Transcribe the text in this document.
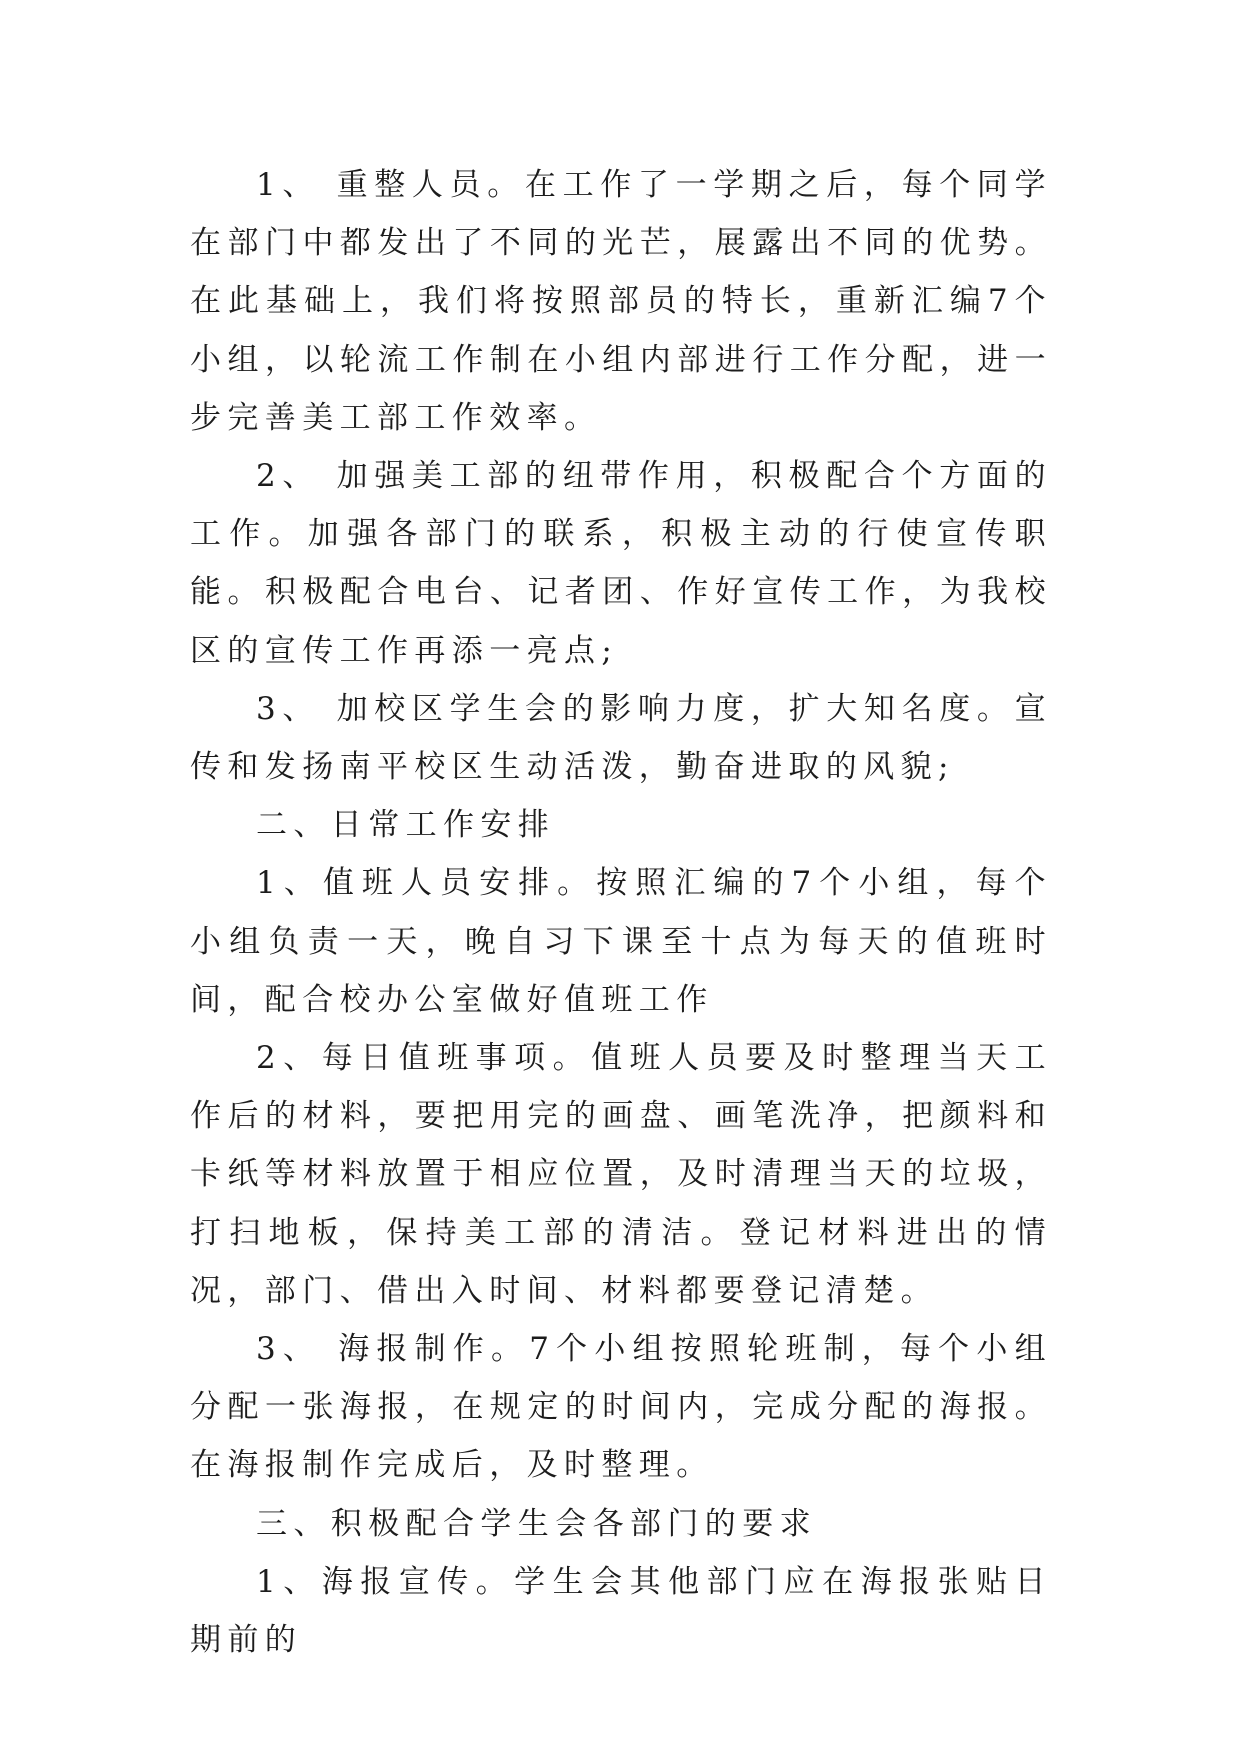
1、 重整人员。在工作了一学期之后，每个同学在部门中都发出了不同的光芒，展露出不同的优势。在此基础上，我们将按照部员的特长，重新汇编7个小组，以轮流工作制在小组内部进行工作分配，进一步完善美工部工作效率。

2、 加强美工部的纽带作用，积极配合个方面的工作。加强各部门的联系，积极主动的行使宣传职能。积极配合电台、记者团、作好宣传工作，为我校区的宣传工作再添一亮点;

3、 加校区学生会的影响力度，扩大知名度。宣传和发扬南平校区生动活泼，勤奋进取的风貌;

二、日常工作安排

1、值班人员安排。按照汇编的7个小组，每个小组负责一天，晚自习下课至十点为每天的值班时间，配合校办公室做好值班工作

2、每日值班事项。值班人员要及时整理当天工作后的材料，要把用完的画盘、画笔洗净，把颜料和卡纸等材料放置于相应位置，及时清理当天的垃圾，打扫地板，保持美工部的清洁。登记材料进出的情况，部门、借出入时间、材料都要登记清楚。

3、 海报制作。7个小组按照轮班制，每个小组分配一张海报，在规定的时间内，完成分配的海报。在海报制作完成后，及时整理。

三、积极配合学生会各部门的要求

1、海报宣传。学生会其他部门应在海报张贴日期前的
